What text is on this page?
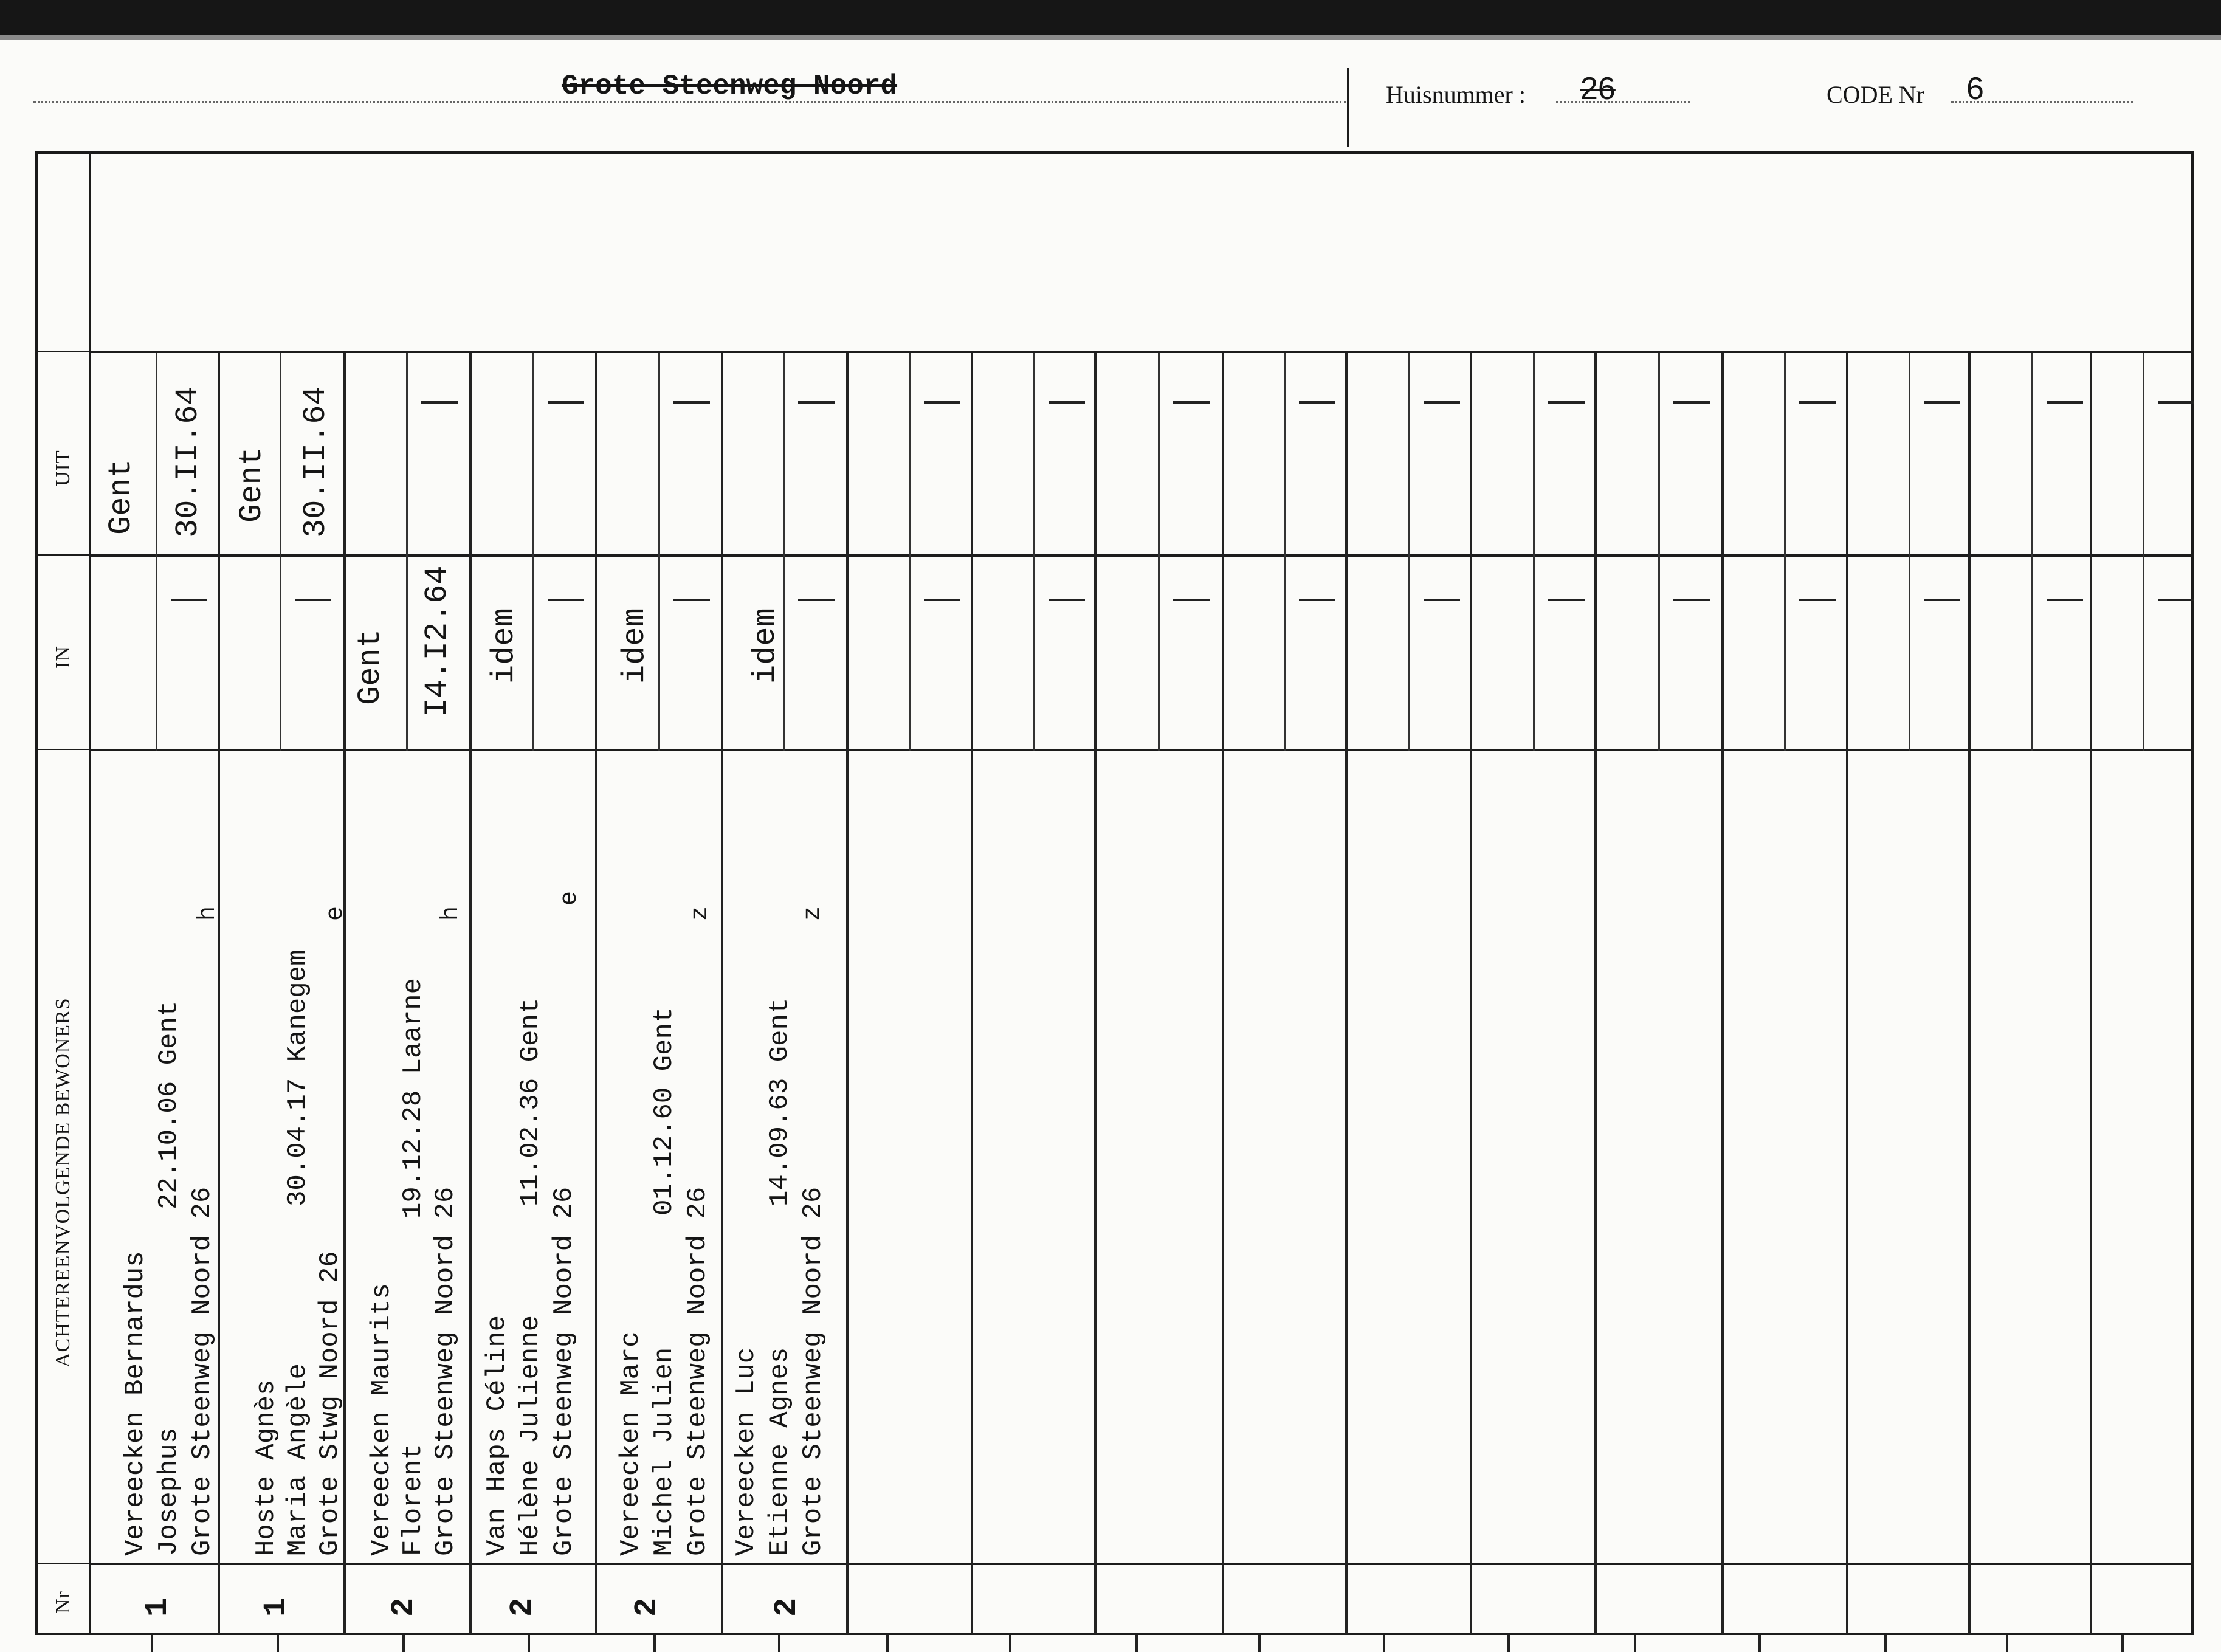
Grote Steenweg Noord	Huisnummer : 26	CODE Nr 6
UIT
IN
ACHTEREENVOLGENDE BEWONERS
Nr 1
Vereecken Bernardus Josephus
22.10.06 Gent
Grote Steenweg Noord 26
h
Gent 30.II.64
1
Hoste Agnès Maria Angèle
30.04.17 Kanegem
Grote Stwg Noord 26
e
Gent 30.II.64
2
Vereecken Maurits Florent
19.12.28 Laarne
Grote Steenweg Noord 26
h
Gent I4.I2.64
2
Van Haps Céline Hélène Julienne
11.02.36 Gent
Grote Steenweg Noord 26
e
idem
2
Vereecken Marc Michel Julien
01.12.60 Gent
Grote Steenweg Noord 26
z
idem
2
Vereecken Luc Etienne Agnes
14.09.63 Gent
Grote Steenweg Noord 26
z
idem
